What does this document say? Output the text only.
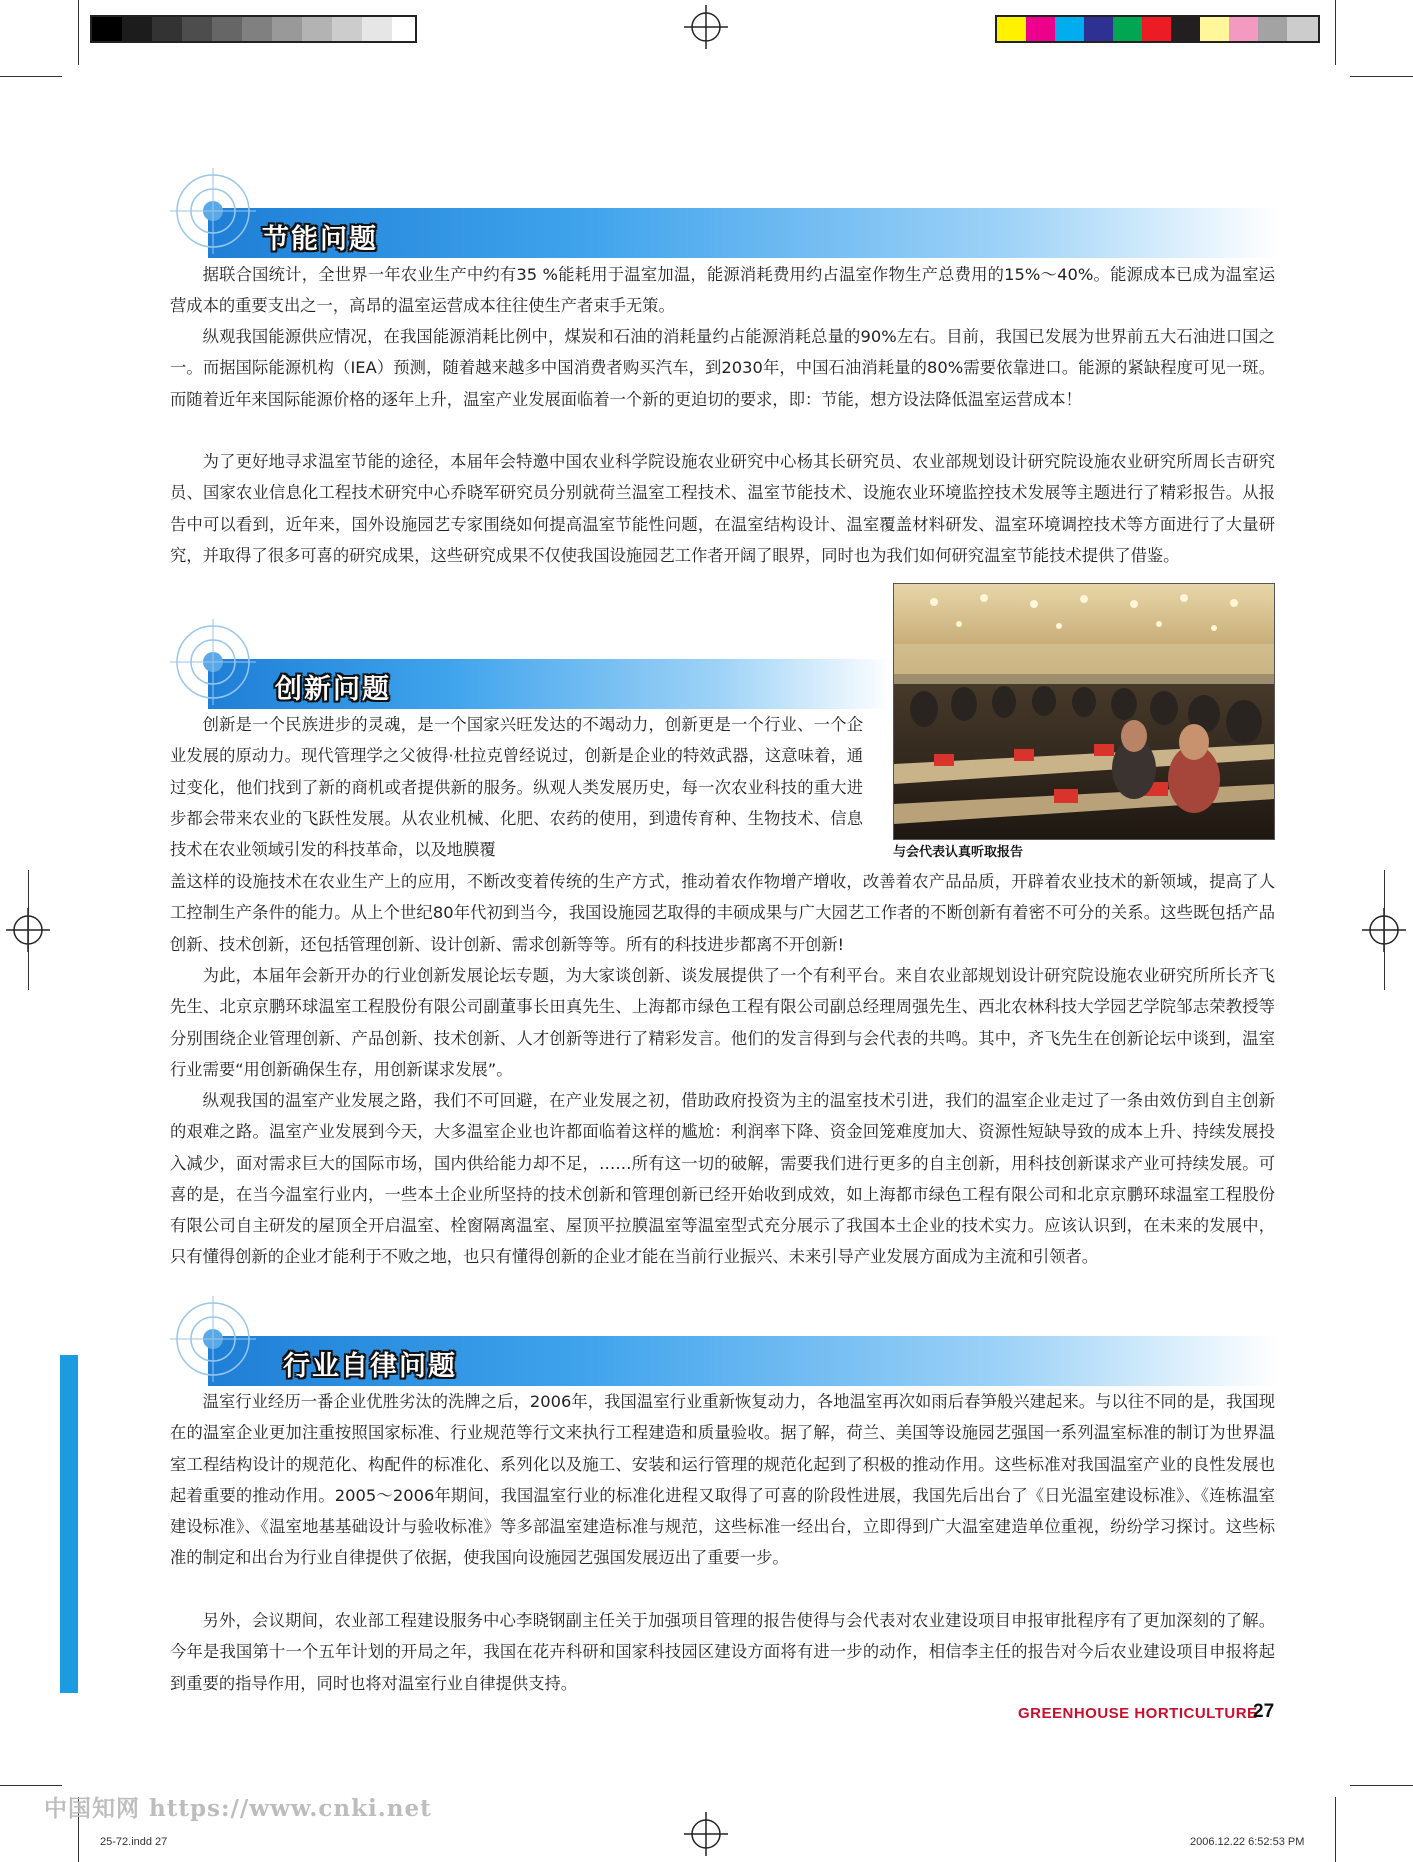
节能问题

据联合国统计，全世界一年农业生产中约有35 %能耗用于温室加温，能源消耗费用约占温室作物生产总费用的15%～40%。能源成本已成为温室运营成本的重要支出之一，高昂的温室运营成本往往使生产者束手无策。

纵观我国能源供应情况，在我国能源消耗比例中，煤炭和石油的消耗量约占能源消耗总量的90%左右。目前，我国已发展为世界前五大石油进口国之一。而据国际能源机构（IEA）预测，随着越来越多中国消费者购买汽车，到2030年，中国石油消耗量的80%需要依靠进口。能源的紧缺程度可见一斑。而随着近年来国际能源价格的逐年上升，温室产业发展面临着一个新的更迫切的要求，即：节能，想方设法降低温室运营成本！

为了更好地寻求温室节能的途径，本届年会特邀中国农业科学院设施农业研究中心杨其长研究员、农业部规划设计研究院设施农业研究所周长吉研究员、国家农业信息化工程技术研究中心乔晓军研究员分别就荷兰温室工程技术、温室节能技术、设施农业环境监控技术发展等主题进行了精彩报告。从报告中可以看到，近年来，国外设施园艺专家围绕如何提高温室节能性问题，在温室结构设计、温室覆盖材料研发、温室环境调控技术等方面进行了大量研究，并取得了很多可喜的研究成果，这些研究成果不仅使我国设施园艺工作者开阔了眼界，同时也为我们如何研究温室节能技术提供了借鉴。

与会代表认真听取报告
创新问题

创新是一个民族进步的灵魂，是一个国家兴旺发达的不竭动力，创新更是一个行业、一个企业发展的原动力。现代管理学之父彼得·杜拉克曾经说过，创新是企业的特效武器，这意味着，通过变化，他们找到了新的商机或者提供新的服务。纵观人类发展历史，每一次农业科技的重大进步都会带来农业的飞跃性发展。从农业机械、化肥、农药的使用，到遗传育种、生物技术、信息技术在农业领域引发的科技革命，以及地膜覆

盖这样的设施技术在农业生产上的应用，不断改变着传统的生产方式，推动着农作物增产增收，改善着农产品品质，开辟着农业技术的新领域，提高了人工控制生产条件的能力。从上个世纪80年代初到当今，我国设施园艺取得的丰硕成果与广大园艺工作者的不断创新有着密不可分的关系。这些既包括产品创新、技术创新，还包括管理创新、设计创新、需求创新等等。所有的科技进步都离不开创新!

为此，本届年会新开办的行业创新发展论坛专题，为大家谈创新、谈发展提供了一个有利平台。来自农业部规划设计研究院设施农业研究所所长齐飞先生、北京京鹏环球温室工程股份有限公司副董事长田真先生、上海都市绿色工程有限公司副总经理周强先生、西北农林科技大学园艺学院邹志荣教授等分别围绕企业管理创新、产品创新、技术创新、人才创新等进行了精彩发言。他们的发言得到与会代表的共鸣。其中，齐飞先生在创新论坛中谈到，温室行业需要“用创新确保生存，用创新谋求发展”。

纵观我国的温室产业发展之路，我们不可回避，在产业发展之初，借助政府投资为主的温室技术引进，我们的温室企业走过了一条由效仿到自主创新的艰难之路。温室产业发展到今天，大多温室企业也许都面临着这样的尴尬：利润率下降、资金回笼难度加大、资源性短缺导致的成本上升、持续发展投入减少，面对需求巨大的国际市场，国内供给能力却不足，……所有这一切的破解，需要我们进行更多的自主创新，用科技创新谋求产业可持续发展。可喜的是，在当今温室行业内，一些本土企业所坚持的技术创新和管理创新已经开始收到成效，如上海都市绿色工程有限公司和北京京鹏环球温室工程股份有限公司自主研发的屋顶全开启温室、栓窗隔离温室、屋顶平拉膜温室等温室型式充分展示了我国本土企业的技术实力。应该认识到，在未来的发展中，只有懂得创新的企业才能利于不败之地，也只有懂得创新的企业才能在当前行业振兴、未来引导产业发展方面成为主流和引领者。

行业自律问题

温室行业经历一番企业优胜劣汰的洗牌之后，2006年，我国温室行业重新恢复动力，各地温室再次如雨后春笋般兴建起来。与以往不同的是，我国现在的温室企业更加注重按照国家标准、行业规范等行文来执行工程建造和质量验收。据了解，荷兰、美国等设施园艺强国一系列温室标准的制订为世界温室工程结构设计的规范化、构配件的标准化、系列化以及施工、安装和运行管理的规范化起到了积极的推动作用。这些标准对我国温室产业的良性发展也起着重要的推动作用。2005～2006年期间，我国温室行业的标准化进程又取得了可喜的阶段性进展，我国先后出台了《日光温室建设标准》、《连栋温室建设标准》、《温室地基基础设计与验收标准》等多部温室建造标准与规范，这些标准一经出台，立即得到广大温室建造单位重视，纷纷学习探讨。这些标准的制定和出台为行业自律提供了依据，使我国向设施园艺强国发展迈出了重要一步。

另外，会议期间，农业部工程建设服务中心李晓钢副主任关于加强项目管理的报告使得与会代表对农业建设项目申报审批程序有了更加深刻的了解。今年是我国第十一个五年计划的开局之年，我国在花卉科研和国家科技园区建设方面将有进一步的动作，相信李主任的报告对今后农业建设项目申报将起到重要的指导作用，同时也将对温室行业自律提供支持。

GREENHOUSE HORTICULTURE
27
中国知网 https://www.cnki.net
25-72.indd 27	2006.12.22 6:52:53 PM
